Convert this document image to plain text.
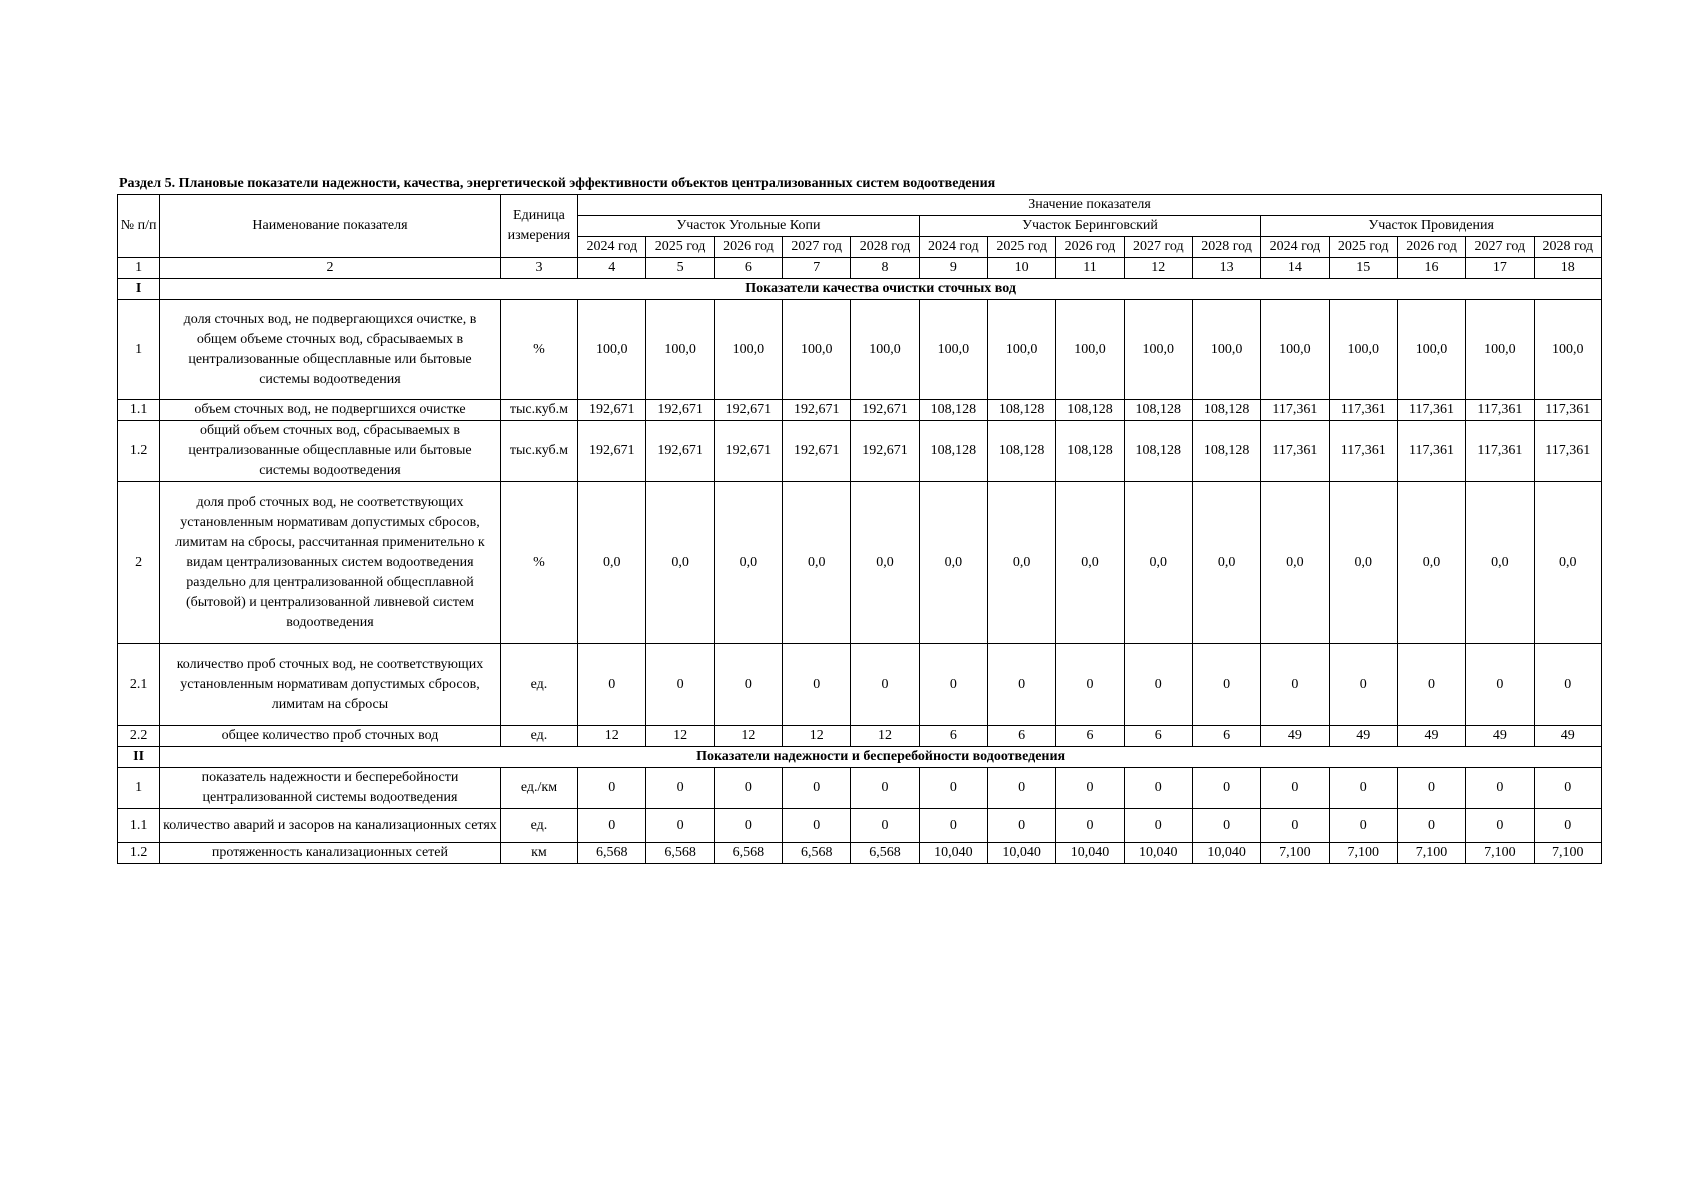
Раздел 5. Плановые показатели надежности, качества, энергетической эффективности объектов централизованных систем водоотведения
№ п/п	Наименование показателя	Единица измерения	Значение показателя														
			Участок Угольные Копи					Участок Беринговский					Участок Провидения				
			2024 год	2025 год	2026 год	2027 год	2028 год	2024 год	2025 год	2026 год	2027 год	2028 год	2024 год	2025 год	2026 год	2027 год	2028 год
1	2	3	4	5	6	7	8	9	10	11	12	13	14	15	16	17	18
I	Показатели качества очистки сточных вод																
1	доля сточных вод, не подвергающихся очистке, в общем объеме сточных вод, сбрасываемых в централизованные общесплавные или бытовые системы водоотведения	%	100,0	100,0	100,0	100,0	100,0	100,0	100,0	100,0	100,0	100,0	100,0	100,0	100,0	100,0	100,0
1.1	объем сточных вод, не подвергшихся очистке	тыс.куб.м	192,671	192,671	192,671	192,671	192,671	108,128	108,128	108,128	108,128	108,128	117,361	117,361	117,361	117,361	117,361
1.2	общий объем сточных вод, сбрасываемых в централизованные общесплавные или бытовые системы водоотведения	тыс.куб.м	192,671	192,671	192,671	192,671	192,671	108,128	108,128	108,128	108,128	108,128	117,361	117,361	117,361	117,361	117,361
2	доля проб сточных вод, не соответствующих установленным нормативам допустимых сбросов, лимитам на сбросы, рассчитанная применительно к видам централизованных систем водоотведения раздельно для централизованной общесплавной (бытовой) и централизованной ливневой систем водоотведения	%	0,0	0,0	0,0	0,0	0,0	0,0	0,0	0,0	0,0	0,0	0,0	0,0	0,0	0,0	0,0
2.1	количество проб сточных вод, не соответствующих установленным нормативам допустимых сбросов, лимитам на сбросы	ед.	0	0	0	0	0	0	0	0	0	0	0	0	0	0	0
2.2	общее количество проб сточных вод	ед.	12	12	12	12	12	6	6	6	6	6	49	49	49	49	49
II	Показатели надежности и бесперебойности водоотведения																
1	показатель надежности и бесперебойности централизованной системы водоотведения	ед./км	0	0	0	0	0	0	0	0	0	0	0	0	0	0	0
1.1	количество аварий и засоров на канализационных сетях	ед.	0	0	0	0	0	0	0	0	0	0	0	0	0	0	0
1.2	протяженность канализационных сетей	км	6,568	6,568	6,568	6,568	6,568	10,040	10,040	10,040	10,040	10,040	7,100	7,100	7,100	7,100	7,100
